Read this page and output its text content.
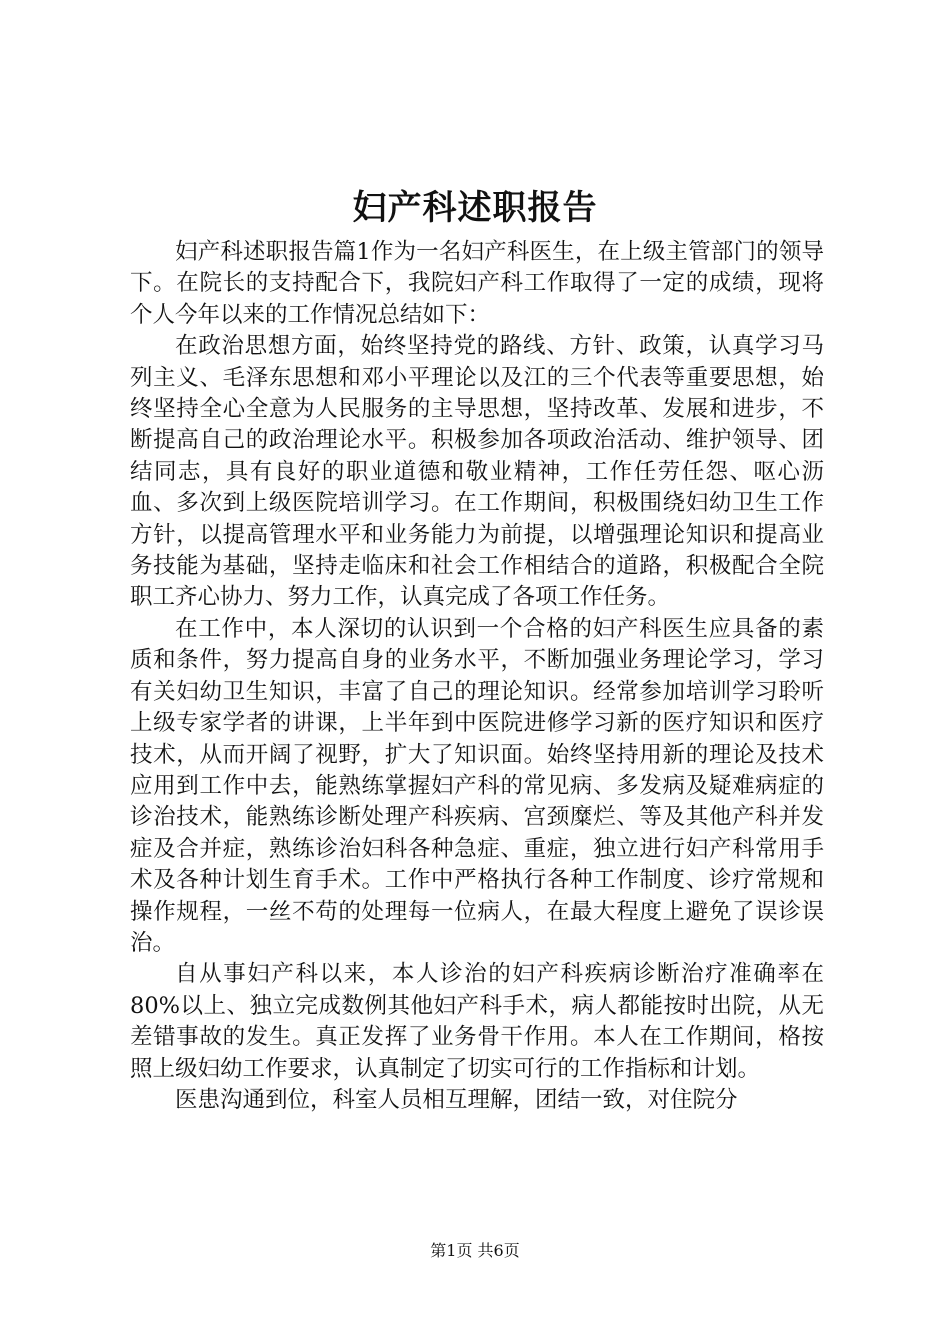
妇产科述职报告

妇产科述职报告篇1作为一名妇产科医生，在上级主管部门的领导下。在院长的支持配合下，我院妇产科工作取得了一定的成绩，现将个人今年以来的工作情况总结如下：

在政治思想方面，始终坚持党的路线、方针、政策，认真学习马列主义、毛泽东思想和邓小平理论以及江的三个代表等重要思想，始终坚持全心全意为人民服务的主导思想，坚持改革、发展和进步，不断提高自己的政治理论水平。积极参加各项政治活动、维护领导、团结同志，具有良好的职业道德和敬业精神，工作任劳任怨、呕心沥血、多次到上级医院培训学习。在工作期间，积极围绕妇幼卫生工作方针，以提高管理水平和业务能力为前提，以增强理论知识和提高业务技能为基础，坚持走临床和社会工作相结合的道路，积极配合全院职工齐心协力、努力工作，认真完成了各项工作任务。

在工作中，本人深切的认识到一个合格的妇产科医生应具备的素质和条件，努力提高自身的业务水平，不断加强业务理论学习，学习有关妇幼卫生知识，丰富了自己的理论知识。经常参加培训学习聆听上级专家学者的讲课，上半年到中医院进修学习新的医疗知识和医疗技术，从而开阔了视野，扩大了知识面。始终坚持用新的理论及技术应用到工作中去，能熟练掌握妇产科的常见病、多发病及疑难病症的诊治技术，能熟练诊断处理产科疾病、宫颈糜烂、等及其他产科并发症及合并症，熟练诊治妇科各种急症、重症，独立进行妇产科常用手术及各种计划生育手术。工作中严格执行各种工作制度、诊疗常规和操作规程，一丝不苟的处理每一位病人，在最大程度上避免了误诊误治。

自从事妇产科以来，本人诊治的妇产科疾病诊断治疗准确率在80%以上、独立完成数例其他妇产科手术，病人都能按时出院，从无差错事故的发生。真正发挥了业务骨干作用。本人在工作期间，格按照上级妇幼工作要求，认真制定了切实可行的工作指标和计划。

医患沟通到位，科室人员相互理解，团结一致，对住院分

第1页 共6页
